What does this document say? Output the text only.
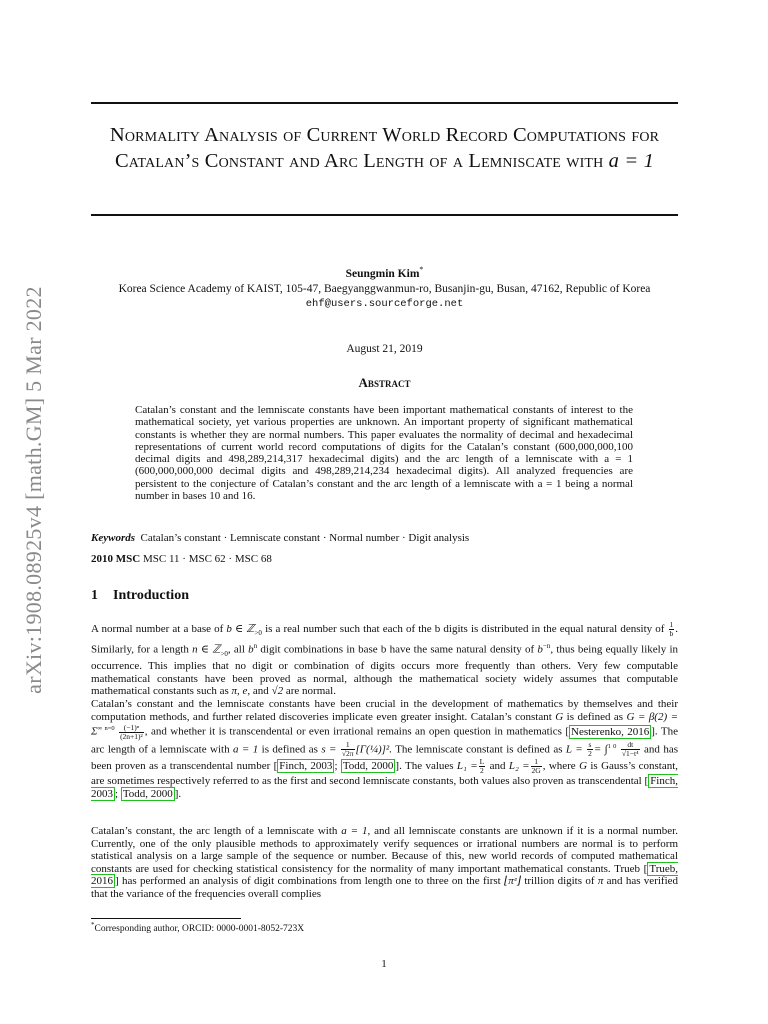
arXiv:1908.08925v4 [math.GM] 5 Mar 2022
Normality Analysis of Current World Record Computations for Catalan’s Constant and Arc Length of a Lemniscate with a = 1
Seungmin Kim*
Korea Science Academy of KAIST, 105-47, Baegyanggwanmun-ro, Busanjin-gu, Busan, 47162, Republic of Korea
ehf@users.sourceforge.net
August 21, 2019
Abstract
Catalan’s constant and the lemniscate constants have been important mathematical constants of interest to the mathematical society, yet various properties are unknown. An important property of significant mathematical constants is whether they are normal numbers. This paper evaluates the normality of decimal and hexadecimal representations of current world record computations of digits for the Catalan’s constant (600,000,000,100 decimal digits and 498,289,214,317 hexadecimal digits) and the arc length of a lemniscate with a = 1 (600,000,000,000 decimal digits and 498,289,214,234 hexadecimal digits). All analyzed frequencies are persistent to the conjecture of Catalan’s constant and the arc length of a lemniscate with a = 1 being a normal number in bases 10 and 16.
Keywords Catalan’s constant · Lemniscate constant · Normal number · Digit analysis
2010 MSC MSC 11 · MSC 62 · MSC 68
1 Introduction

A normal number at a base of b ∈ ℤ$_{>0}$ is a real number such that each of the b digits is distributed in the equal natural density of $\frac{1}{b}$ . Similarly, for a length n ∈ ℤ$_{>0}$, all $b^n$ digit combinations in base b have the same natural density of $b^{-n}$, thus being equally likely in occurrence. This implies that no digit or combination of digits occurs more frequently than others. Very few computable mathematical constants have been proved as normal, although the mathematical society widely assumes that computable mathematical constants such as π, e, and √2 are normal.

Catalan’s constant and the lemniscate constants have been crucial in the development of mathematics by themselves and their computation methods, and further related discoveries implicate even greater insight. Catalan’s constant G is defined as $G = \beta(2) = \Sigma^{\infty n=0} \frac{\text{(−1)ⁿ}}{\text{(2n+1)²}}$ , and whether it is transcendental or even irrational remains an open question in mathematics [ Nesterenko, 2016 ]. The arc length of a lemniscate with a = 1 is defined as $s = \frac{1}{√2\pi}$ [Γ(¼)]². The lemniscate constant is defined as $L = \frac{s}{2} = \int^{1 0} \frac{dt}{\text{√1−t⁴}}$ and has been proven as a transcendental number [ Finch, 2003 ; Todd, 2000 ]. The values $L_1 = \frac{L}{2}$ and $L_2 = \frac{1}{2G}$ , where G is Gauss’s constant, are sometimes respectively referred to as the first and second lemniscate constants, both values also proven as transcendental [ Finch, 2003 ; Todd, 2000 ].

Catalan’s constant, the arc length of a lemniscate with a = 1, and all lemniscate constants are unknown if it is a normal number. Currently, one of the only plausible methods to approximately verify sequences or irrational numbers are normal is to perform statistical analysis on a large sample of the sequence or number. Because of this, new world records of computed mathematical constants are used for checking statistical consistency for the normality of many important mathematical constants. Trueb [ Trueb, 2016 ] has performed an analysis of digit combinations from length one to three on the first ⌊πᵉ⌋ trillion digits of π and has verified that the variance of the frequencies overall complies

*Corresponding author, ORCID: 0000-0001-8052-723X
1
